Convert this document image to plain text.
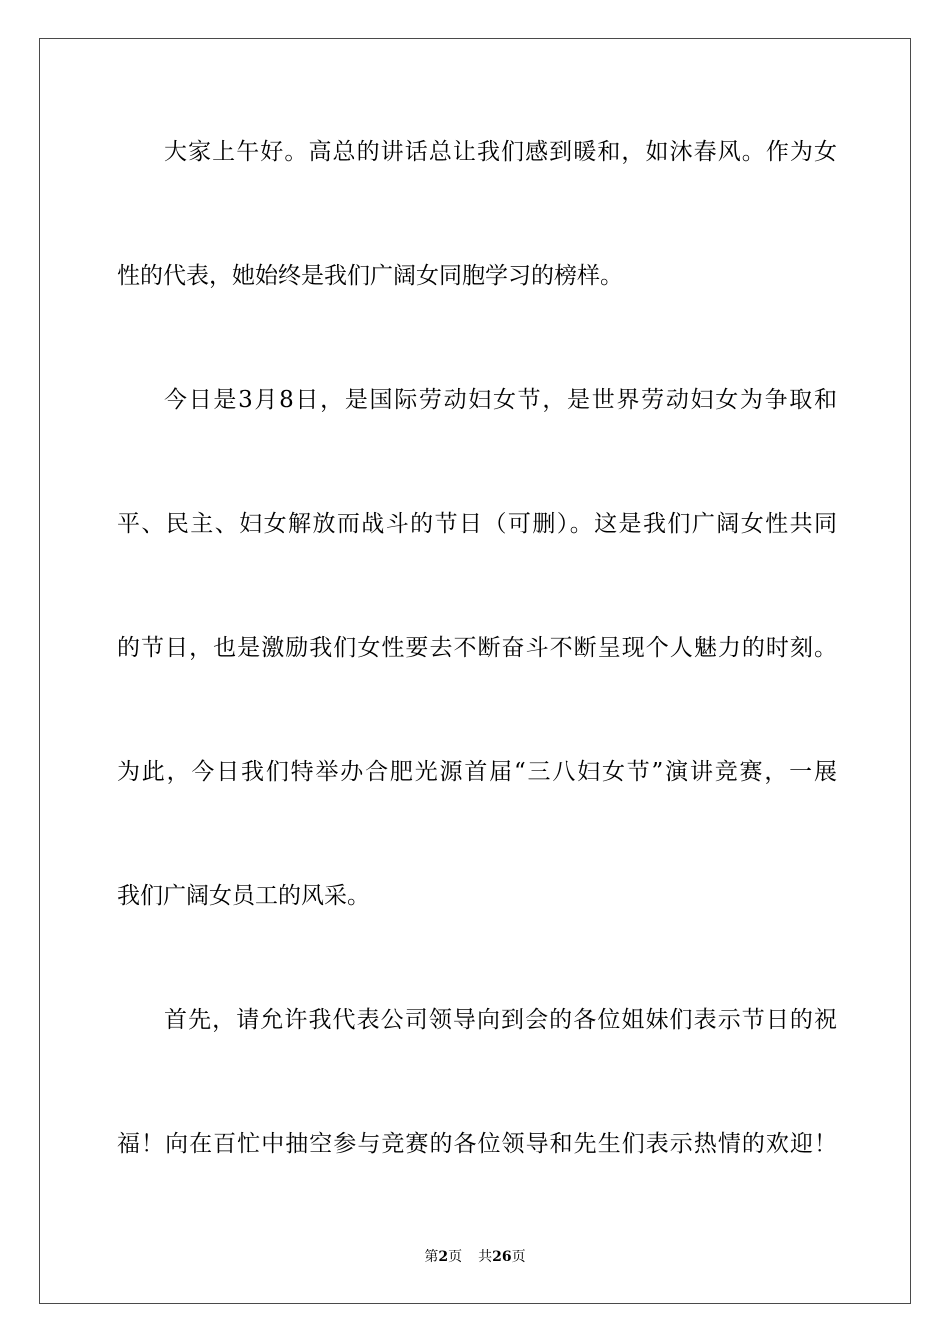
大家上午好。高总的讲话总让我们感到暖和，如沐春风。作为女
性的代表，她始终是我们广阔女同胞学习的榜样。
今日是3月8日，是国际劳动妇女节，是世界劳动妇女为争取和
平、民主、妇女解放而战斗的节日（可删）。这是我们广阔女性共同
的节日，也是激励我们女性要去不断奋斗不断呈现个人魅力的时刻。
为此，今日我们特举办合肥光源首届“三八妇女节”演讲竞赛，一展
我们广阔女员工的风采。
首先，请允许我代表公司领导向到会的各位姐妹们表示节日的祝
福！向在百忙中抽空参与竞赛的各位领导和先生们表示热情的欢迎！
第2页 共26页
